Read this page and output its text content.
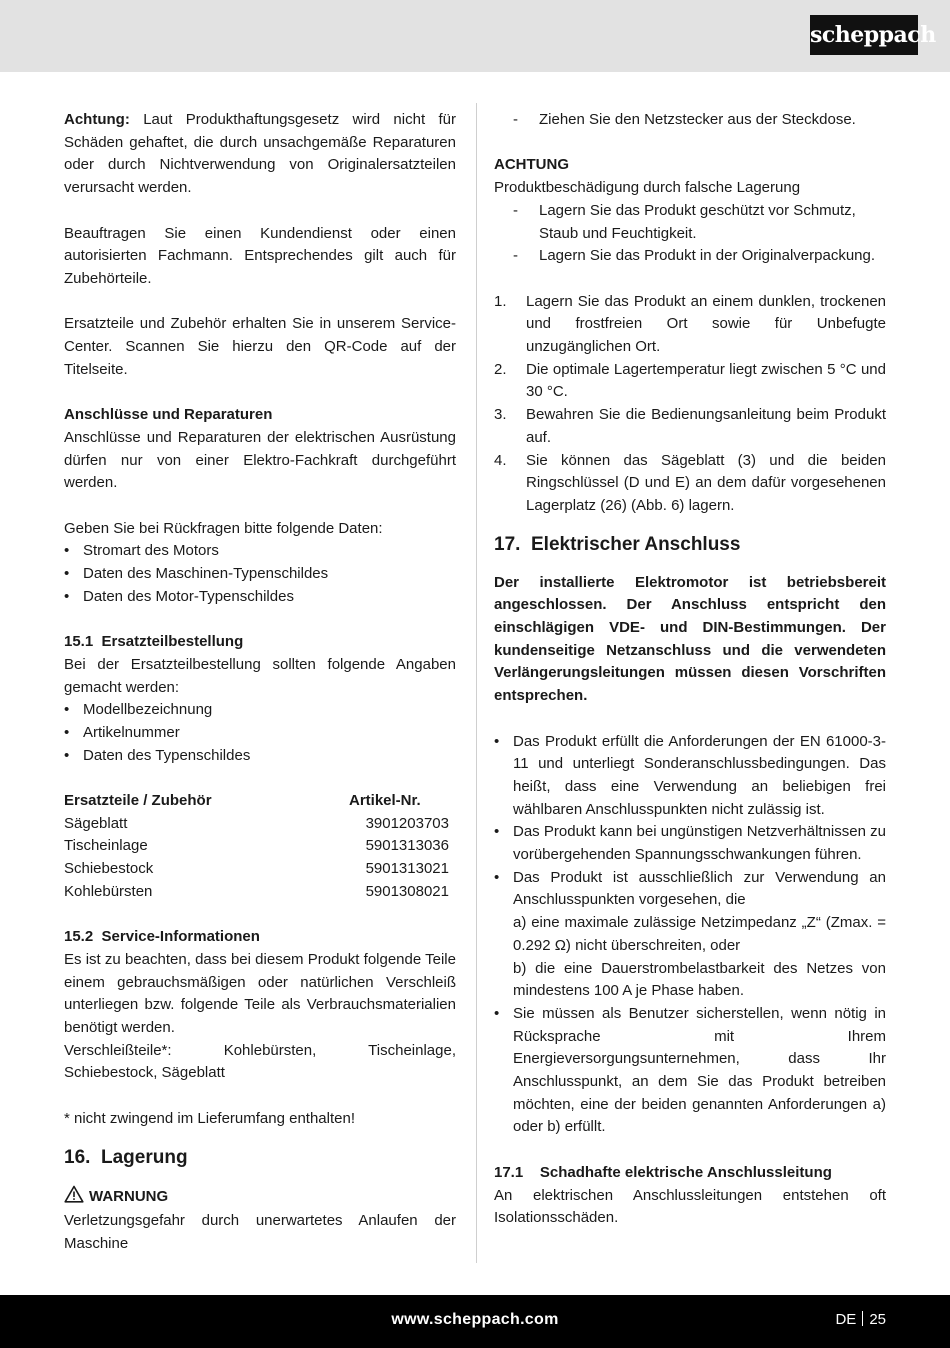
scheppach

Achtung: Laut Produkthaftungsgesetz wird nicht für Schäden gehaftet, die durch unsachgemäße Reparaturen oder durch Nichtverwendung von Originalersatzteilen verursacht werden.

Beauftragen Sie einen Kundendienst oder einen autorisierten Fachmann. Entsprechendes gilt auch für Zubehörteile.

Ersatzteile und Zubehör erhalten Sie in unserem Service-Center. Scannen Sie hierzu den QR-Code auf der Titelseite.

Anschlüsse und Reparaturen

Anschlüsse und Reparaturen der elektrischen Ausrüstung dürfen nur von einer Elektro-Fachkraft durchgeführt werden.

Geben Sie bei Rückfragen bitte folgende Daten:

• Stromart des Motors
• Daten des Maschinen-Typenschildes
• Daten des Motor-Typenschildes

15.1 Ersatzteilbestellung

Bei der Ersatzteilbestellung sollten folgende Angaben gemacht werden:

• Modellbezeichnung
• Artikelnummer
• Daten des Typenschildes
Ersatzteile / Zubehör	Artikel-Nr.
Sägeblatt	3901203703
Tischeinlage	5901313036
Schiebestock	5901313021
Kohlebürsten	5901308021

15.2 Service-Informationen

Es ist zu beachten, dass bei diesem Produkt folgende Teile einem gebrauchsmäßigen oder natürlichen Verschleiß unterliegen bzw. folgende Teile als Verbrauchsmaterialien benötigt werden.

Verschleißteile*: Kohlebürsten, Tischeinlage, Schiebestock, Sägeblatt

* nicht zwingend im Lieferumfang enthalten!

16. Lagerung
WARNUNG

Verletzungsgefahr durch unerwartetes Anlaufen der Maschine

- Ziehen Sie den Netzstecker aus der Steckdose.

ACHTUNG

Produktbeschädigung durch falsche Lagerung

- Lagern Sie das Produkt geschützt vor Schmutz, Staub und Feuchtigkeit.
- Lagern Sie das Produkt in der Originalverpackung.
1. Lagern Sie das Produkt an einem dunklen, trockenen und frostfreien Ort sowie für Unbefugte unzugänglichen Ort.
2. Die optimale Lagertemperatur liegt zwischen 5 °C und 30 °C.
3. Bewahren Sie die Bedienungsanleitung beim Produkt auf.
4. Sie können das Sägeblatt (3) und die beiden Ringschlüssel (D und E) an dem dafür vorgesehenen Lagerplatz (26) (Abb. 6) lagern.
17. Elektrischer Anschluss

Der installierte Elektromotor ist betriebsbereit angeschlossen. Der Anschluss entspricht den einschlägigen VDE- und DIN-Bestimmungen. Der kundenseitige Netzanschluss und die verwendeten Verlängerungsleitungen müssen diesen Vorschriften entsprechen.

• Das Produkt erfüllt die Anforderungen der EN 61000-3-11 und unterliegt Sonderanschlussbedingungen. Das heißt, dass eine Verwendung an beliebigen frei wählbaren Anschlusspunkten nicht zulässig ist.
• Das Produkt kann bei ungünstigen Netzverhältnissen zu vorübergehenden Spannungsschwankungen führen.
• Das Produkt ist ausschließlich zur Verwendung an Anschlusspunkten vorgesehen, die
a) eine maximale zulässige Netzimpedanz „Z“ (Zmax. = 0.292 Ω) nicht überschreiten, oder
b) die eine Dauerstrombelastbarkeit des Netzes von mindestens 100 A je Phase haben.
• Sie müssen als Benutzer sicherstellen, wenn nötig in Rücksprache mit Ihrem Energieversorgungsunternehmen, dass Ihr Anschlusspunkt, an dem Sie das Produkt betreiben möchten, eine der beiden genannten Anforderungen a) oder b) erfüllt.

17.1 Schadhafte elektrische Anschlussleitung

An elektrischen Anschlussleitungen entstehen oft Isolationsschäden.

www.scheppach.com	DE 25
